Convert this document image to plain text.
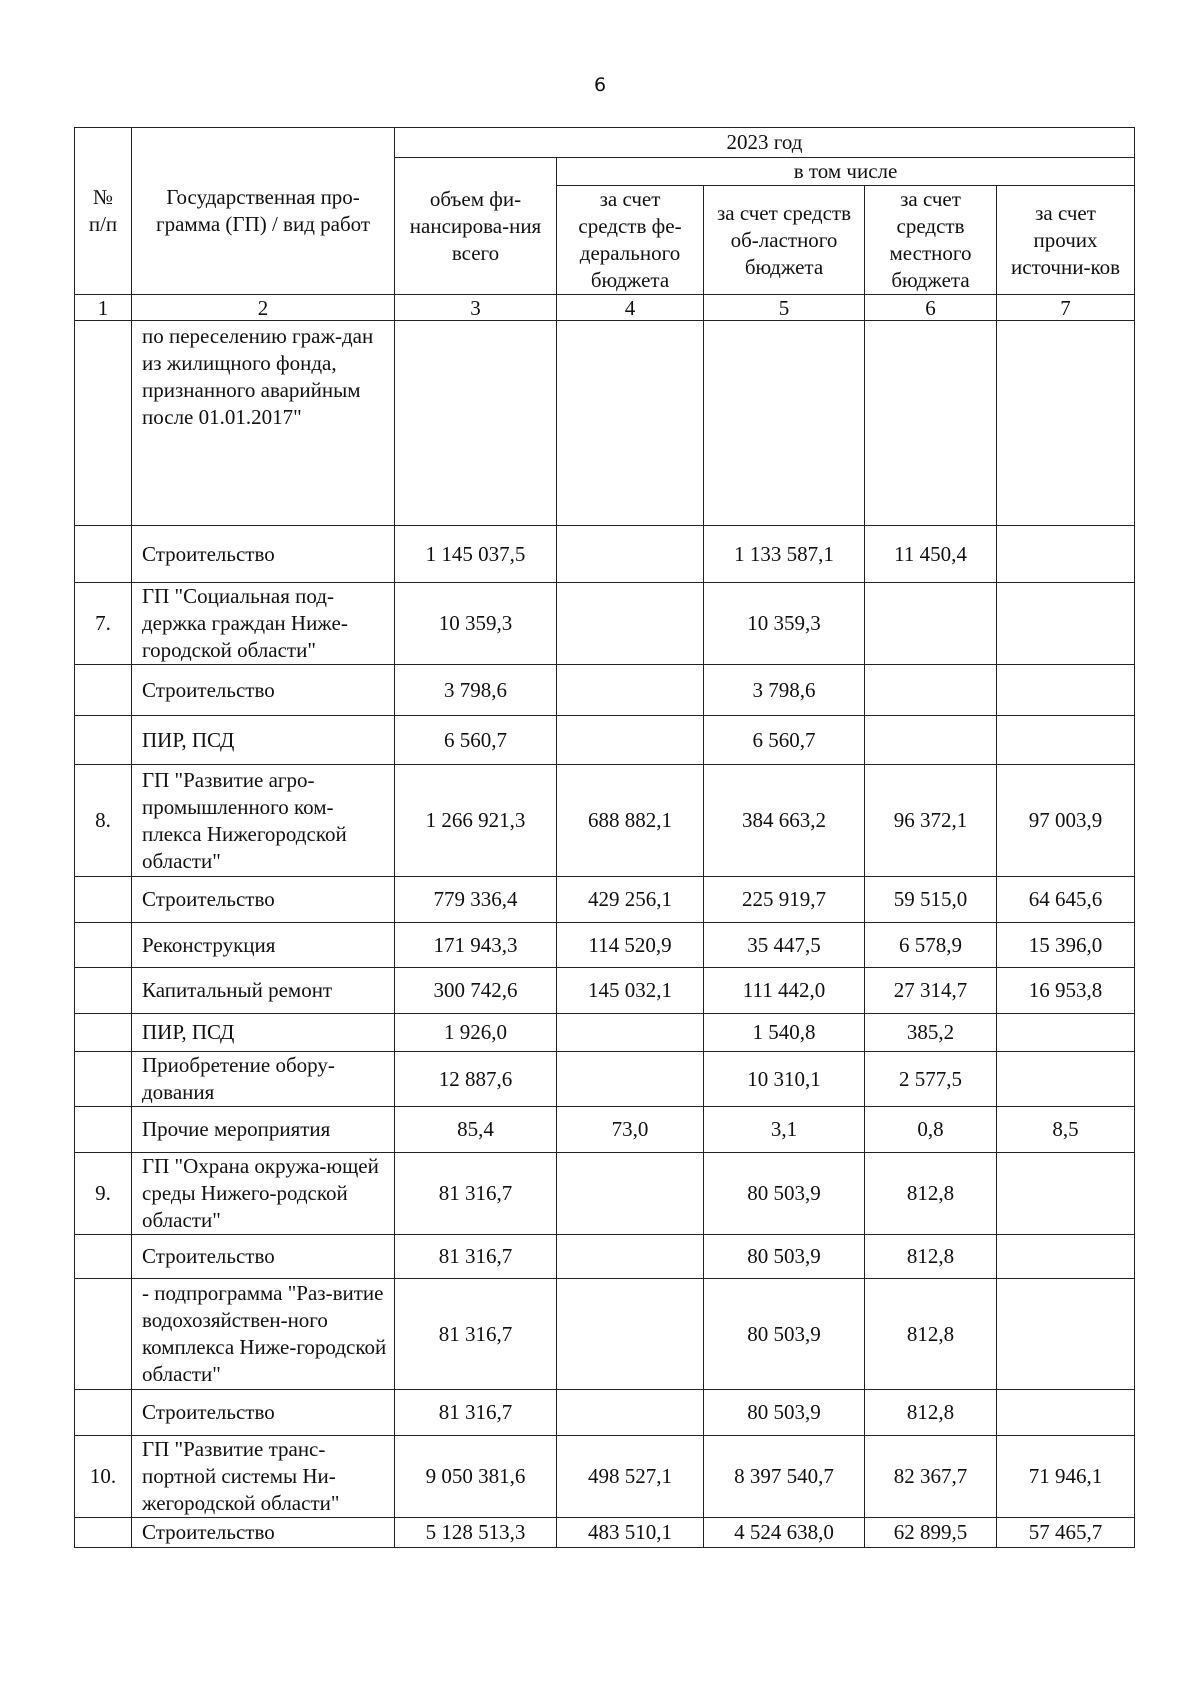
6
№ п/п	Государственная про-грамма (ГП) / вид работ	2023 год				
		объем фи-нансирова-ния всего	в том числе			
			за счет средств фе-дерального бюджета	за счет средств об-ластного бюджета	за счет средств местного бюджета	за счет прочих источни-ков
1	2	3	4	5	6	7
	по переселению граж-дан из жилищного фонда, признанного аварийным после 01.01.2017"					
	Строительство	1 145 037,5		1 133 587,1	11 450,4	
7.	ГП "Социальная под-держка граждан Ниже-городской области"	10 359,3		10 359,3		
	Строительство	3 798,6		3 798,6		
	ПИР, ПСД	6 560,7		6 560,7		
8.	ГП "Развитие агро-промышленного ком-плекса Нижегородской области"	1 266 921,3	688 882,1	384 663,2	96 372,1	97 003,9
	Строительство	779 336,4	429 256,1	225 919,7	59 515,0	64 645,6
	Реконструкция	171 943,3	114 520,9	35 447,5	6 578,9	15 396,0
	Капитальный ремонт	300 742,6	145 032,1	111 442,0	27 314,7	16 953,8
	ПИР, ПСД	1 926,0		1 540,8	385,2	
	Приобретение обору-дования	12 887,6		10 310,1	2 577,5	
	Прочие мероприятия	85,4	73,0	3,1	0,8	8,5
9.	ГП "Охрана окружа-ющей среды Нижего-родской области"	81 316,7		80 503,9	812,8	
	Строительство	81 316,7		80 503,9	812,8	
	- подпрограмма "Раз-витие водохозяйствен-ного комплекса Ниже-городской области"	81 316,7		80 503,9	812,8	
	Строительство	81 316,7		80 503,9	812,8	
10.	ГП "Развитие транс-портной системы Ни-жегородской области"	9 050 381,6	498 527,1	8 397 540,7	82 367,7	71 946,1
	Строительство	5 128 513,3	483 510,1	4 524 638,0	62 899,5	57 465,7
